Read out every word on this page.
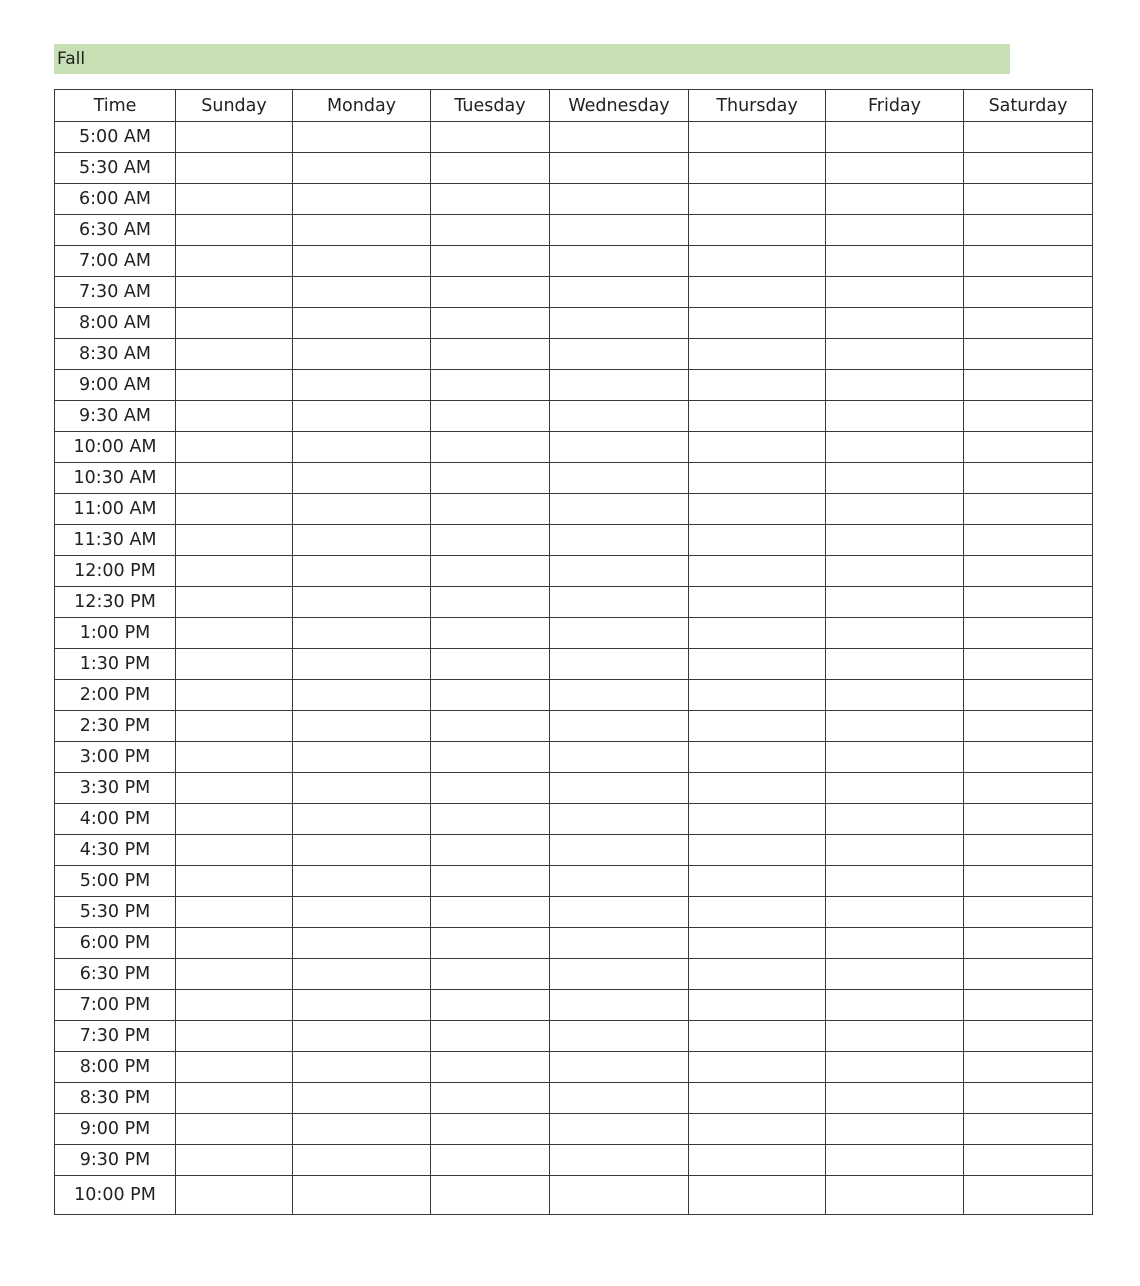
Fall
Time	Sunday	Monday	Tuesday	Wednesday	Thursday	Friday	Saturday
5:00 AM							
5:30 AM							
6:00 AM							
6:30 AM							
7:00 AM							
7:30 AM							
8:00 AM							
8:30 AM							
9:00 AM							
9:30 AM							
10:00 AM							
10:30 AM							
11:00 AM							
11:30 AM							
12:00 PM							
12:30 PM							
1:00 PM							
1:30 PM							
2:00 PM							
2:30 PM							
3:00 PM							
3:30 PM							
4:00 PM							
4:30 PM							
5:00 PM							
5:30 PM							
6:00 PM							
6:30 PM							
7:00 PM							
7:30 PM							
8:00 PM							
8:30 PM							
9:00 PM							
9:30 PM							
10:00 PM							
